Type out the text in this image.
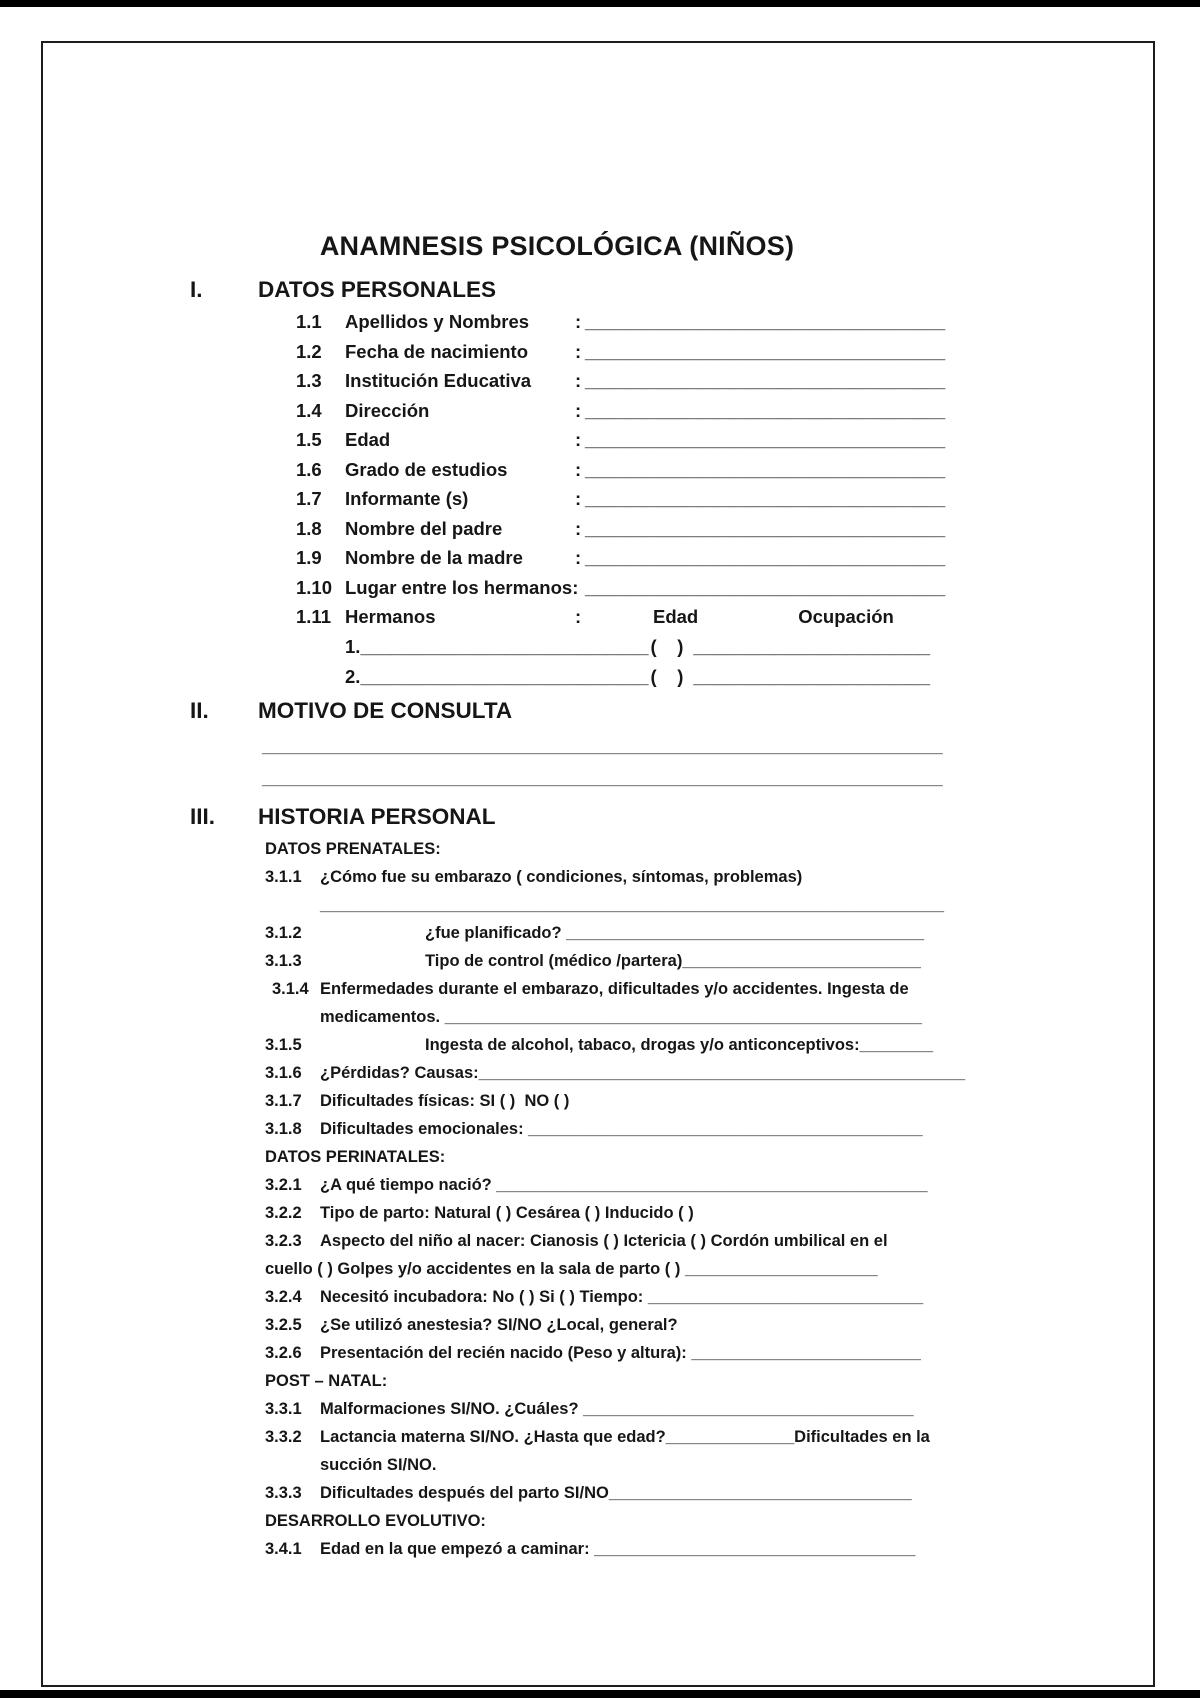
ANAMNESIS PSICOLÓGICA (NIÑOS)
I.	DATOS PERSONALES
1.1	Apellidos y Nombres	: ___________________________________
1.2	Fecha de nacimiento	: ___________________________________
1.3	Institución Educativa	: ___________________________________
1.4	Dirección	: ___________________________________
1.5	Edad	: ___________________________________
1.6	Grado de estudios	: ___________________________________
1.7	Informante (s)	: ___________________________________
1.8	Nombre del padre	: ___________________________________
1.9	Nombre de la madre	: ___________________________________
1.10 Lugar entre los hermanos: ___________________________________
1.11 Hermanos	:	Edad	Ocupación
1. ____________________________ (    ) _______________________
2. ____________________________ (    ) _______________________
II.	MOTIVO DE CONSULTA
________________________________________________________________________
________________________________________________________________________
III.	HISTORIA PERSONAL
DATOS PRENATALES:
3.1.1	¿Cómo fue su embarazo ( condiciones, síntomas, problemas)
____________________________________________________________________
3.1.2	¿fue planificado? _______________________________________
3.1.3	Tipo de control (médico /partera)__________________________
3.1.4 Enfermedades durante el embarazo, dificultades y/o accidentes. Ingesta de
medicamentos. ____________________________________________________
3.1.5	Ingesta de alcohol, tabaco, drogas y/o anticonceptivos:________
3.1.6	¿Pérdidas? Causas:_____________________________________________________
3.1.7	Dificultades físicas: SI ( )  NO ( )
3.1.8	Dificultades emocionales: ___________________________________________
DATOS PERINATALES:
3.2.1	¿A qué tiempo nació? _______________________________________________
3.2.2	Tipo de parto: Natural ( ) Cesárea ( ) Inducido ( )
3.2.3	Aspecto del niño al nacer: Cianosis ( ) Ictericia ( ) Cordón umbilical en el
cuello ( ) Golpes y/o accidentes en la sala de parto ( ) _____________________
3.2.4	Necesitó incubadora: No ( ) Si ( ) Tiempo: ______________________________
3.2.5	¿Se utilizó anestesia? SI/NO ¿Local, general?
3.2.6	Presentación del recién nacido (Peso y altura): _________________________
POST – NATAL:
3.3.1	Malformaciones SI/NO. ¿Cuáles? ____________________________________
3.3.2	Lactancia materna SI/NO. ¿Hasta que edad?______________Dificultades en la
succión SI/NO.
3.3.3	Dificultades después del parto SI/NO_________________________________
DESARROLLO EVOLUTIVO:
3.4.1	Edad en la que empezó a caminar: ___________________________________
